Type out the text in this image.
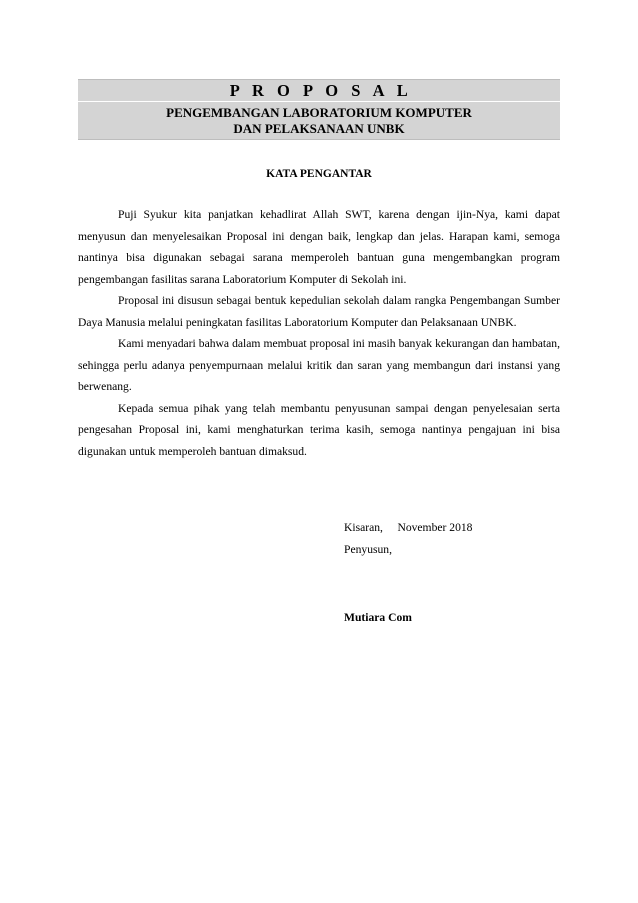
P R O P O S A L
PENGEMBANGAN LABORATORIUM KOMPUTER
DAN PELAKSANAAN UNBK
KATA PENGANTAR

Puji Syukur kita panjatkan kehadlirat Allah SWT, karena dengan ijin-Nya, kami dapat menyusun dan menyelesaikan Proposal ini dengan baik, lengkap dan jelas. Harapan kami, semoga nantinya bisa digunakan sebagai sarana memperoleh bantuan guna mengembangkan program pengembangan fasilitas sarana Laboratorium Komputer di Sekolah ini.

Proposal ini disusun sebagai bentuk kepedulian sekolah dalam rangka Pengembangan Sumber Daya Manusia melalui peningkatan fasilitas Laboratorium Komputer dan Pelaksanaan UNBK.

Kami menyadari bahwa dalam membuat proposal ini masih banyak kekurangan dan hambatan, sehingga perlu adanya penyempurnaan melalui kritik dan saran yang membangun dari instansi yang berwenang.

Kepada semua pihak yang telah membantu penyusunan sampai dengan penyelesaian serta pengesahan Proposal ini, kami menghaturkan terima kasih, semoga nantinya pengajuan ini bisa digunakan untuk memperoleh bantuan dimaksud.

Kisaran,     November 2018
Penyusun,
Mutiara Com
